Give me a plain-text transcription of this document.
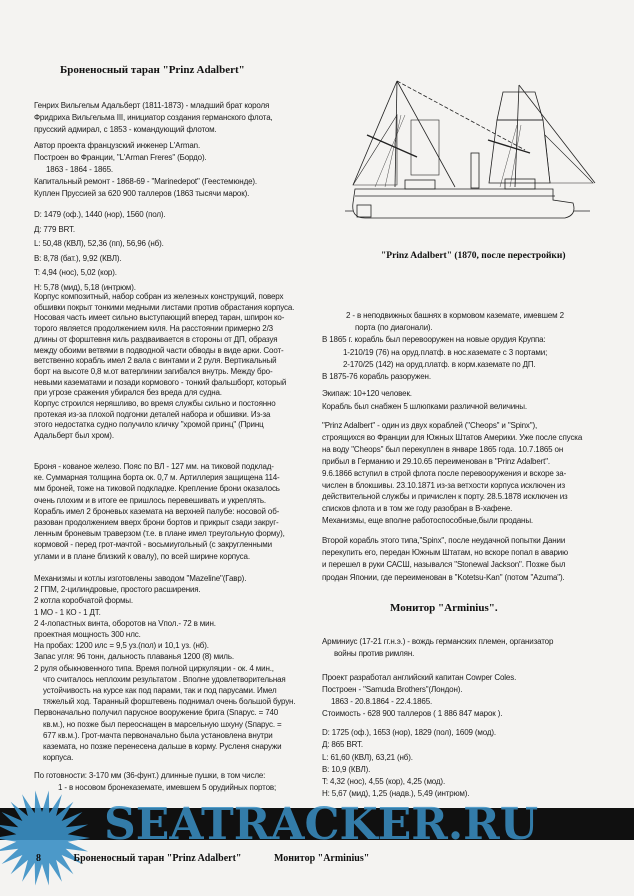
Броненосный таран "Prinz Adalbert"
Генрих Вильгельм Адальберт (1811-1873) - младший брат короля
Фридриха Вильгельма III, инициатор создания германского флота,
прусский адмирал, с 1853 - командующий флотом.
Автор проекта французский инженер L'Arman.
Построен во Франции, "L'Arman Freres" (Бордо).
1863 - 1864 - 1865.
Капитальный ремонт - 1868-69 - "Marinedepot" (Геестемюнде).
Куплен Пруссией за 620 900 таллеров (1863 тысячи марок).
D: 1479 (оф.), 1440 (нор), 1560 (пол).
Д: 779 BRT.
L: 50,48 (КВЛ), 52,36 (пп), 56,96 (нб).
B: 8,78 (бат.), 9,92 (КВЛ).
T: 4,94 (нос), 5,02 (кор).
H: 5,78 (мид), 5,18 (интрюм).
Корпус композитный, набор собран из железных конструкций, поверх
обшивки покрыт тонкими медными листами против обрастания корпуса.
Носовая часть имеет сильно выступающий вперед таран, шпирон ко-
торого является продолжением киля. На расстоянии примерно 2/3
длины от форштевня киль раздваивается в стороны от ДП, образуя
между обоими ветвями в подводной части обводы в виде арки. Соот-
ветственно корабль имел 2 вала с винтами и 2 руля. Вертикальный
борт на высоте 0,8 м.от ватерлинии загибался внутрь. Между бро-
невыми казематами и позади кормового - тонкий фальшборт, который
при угрозе сражения убирался без вреда для судна.
Корпус строился неряшливо, во время службы сильно и постоянно
протекая из-за плохой подгонки деталей набора и обшивки. Из-за
этого недостатка судно получило кличку "хромой принц" (Принц
Адальберт был хром).
Броня - кованое железо. Пояс по ВЛ - 127 мм. на тиковой подклад-
ке. Суммарная толщина борта ок. 0,7 м. Артиллерия защищена 114-
мм броней, тоже на тиковой подкладке. Крепление брони оказалось
очень плохим и в итоге ее пришлось перевешивать и укреплять.
Корабль имел 2 броневых каземата на верхней палубе: носовой об-
разован продолжением вверх брони бортов и прикрыт сзади закруг-
ленным броневым траверзом (т.е. в плане имел треугольную форму),
кормовой - перед грот-мачтой - восьмиугольный (с закругленными
углами и в плане близкий к овалу), по всей ширине корпуса.
Механизмы и котлы изготовлены заводом "Mazeline"(Гавр).
2 ГПМ, 2-цилиндровые, простого расширения.
2 котла коробчатой формы.
1 МО - 1 КО - 1 ДТ.
2 4-лопастных винта, оборотов на Vпол.- 72 в мин.
проектная мощность 300 нлс.
На пробах: 1200 илс = 9,5 уз.(пол) и 10,1 уз. (нб).
Запас угля: 96 тонн, дальность плаванья 1200 (8) миль.
2 руля обыкновенного типа. Время полной циркуляции - ок. 4 мин.,
что считалось неплохим результатом . Вполне удовлетворительная
устойчивость на курсе как под парами, так и под парусами. Имел
тяжелый ход. Таранный форштевень поднимал очень большой бурун.
Первоначально получил парусное вооружение брига (Sпарус. = 740
кв.м.), но позже был переоснащен в марсельную шхуну (Sпарус. =
677 кв.м.). Грот-мачта первоначально была установлена внутри
каземата, но позже перенесена дальше в корму. Русленя снаружи
корпуса.
По готовности: 3-170 мм (36-фунт.) длинные пушки, в том числе:
1 - в носовом бронеказемате, имевшем 5 орудийных портов;
"Prinz Adalbert" (1870, после перестройки)
2 - в неподвижных башнях в кормовом каземате, имевшем 2
порта (по диагонали).
В 1865 г. корабль был перевооружен на новые орудия Круппа:
1-210/19 (76) на оруд.платф. в нос.каземате с 3 портами;
2-170/25 (142) на оруд.платф. в корм.каземате по ДП.
В 1875-76 корабль разоружен.
Экипаж: 10+120 человек.
Корабль был снабжен 5 шлюпками различной величины.
"Prinz Adalbert" - один из двух кораблей ("Cheops" и "Spinx"),
строящихся во Франции для Южных Штатов Америки. Уже после спуска
на воду "Cheops" был перекуплен в январе 1865 года. 10.7.1865 он
прибыл в Германию и 29.10.65 переименован в "Prinz Adalbert".
9.6.1866 вступил в строй флота после перевооружения и вскоре за-
числен в блокшивы. 23.10.1871 из-за ветхости корпуса исключен из
действительной службы и причислен к порту. 28.5.1878 исключен из
списков флота и в том же году разобран в В-хафене.
Механизмы, еще вполне работоспособные,были проданы.
Второй корабль этого типа,"Spinx", после неудачной попытки Дании
перекупить его, передан Южным Штатам, но вскоре попал в аварию
и перешел в руки САСШ, назывался "Stonewal Jackson". Позже был
продан Японии, где переименован в "Kotetsu-Kan" (потом "Azuma").
Монитор "Arminius".
Арминиус (17-21 гг.н.э.) - вождь германских племен, организатор
войны против римлян.
Проект разработал английский капитан Cowper Coles.
Построен - "Samuda Brothers"(Лондон).
1863 - 20.8.1864 - 22.4.1865.
Стоимость - 628 900 таллеров ( 1 886 847 марок ).
D: 1725 (оф.), 1653 (нор), 1829 (пол), 1609 (мод).
Д: 865 BRT.
L: 61,60 (КВЛ), 63,21 (нб).
B: 10,9 (КВЛ).
T: 4,32 (нос), 4,55 (кор), 4,25 (мод).
H: 5,67 (мид), 1,25 (надв.), 5,49 (интрюм).
SEATRACKER.RU
8	Броненосный таран "Prinz Adalbert"	Монитор "Arminius"
